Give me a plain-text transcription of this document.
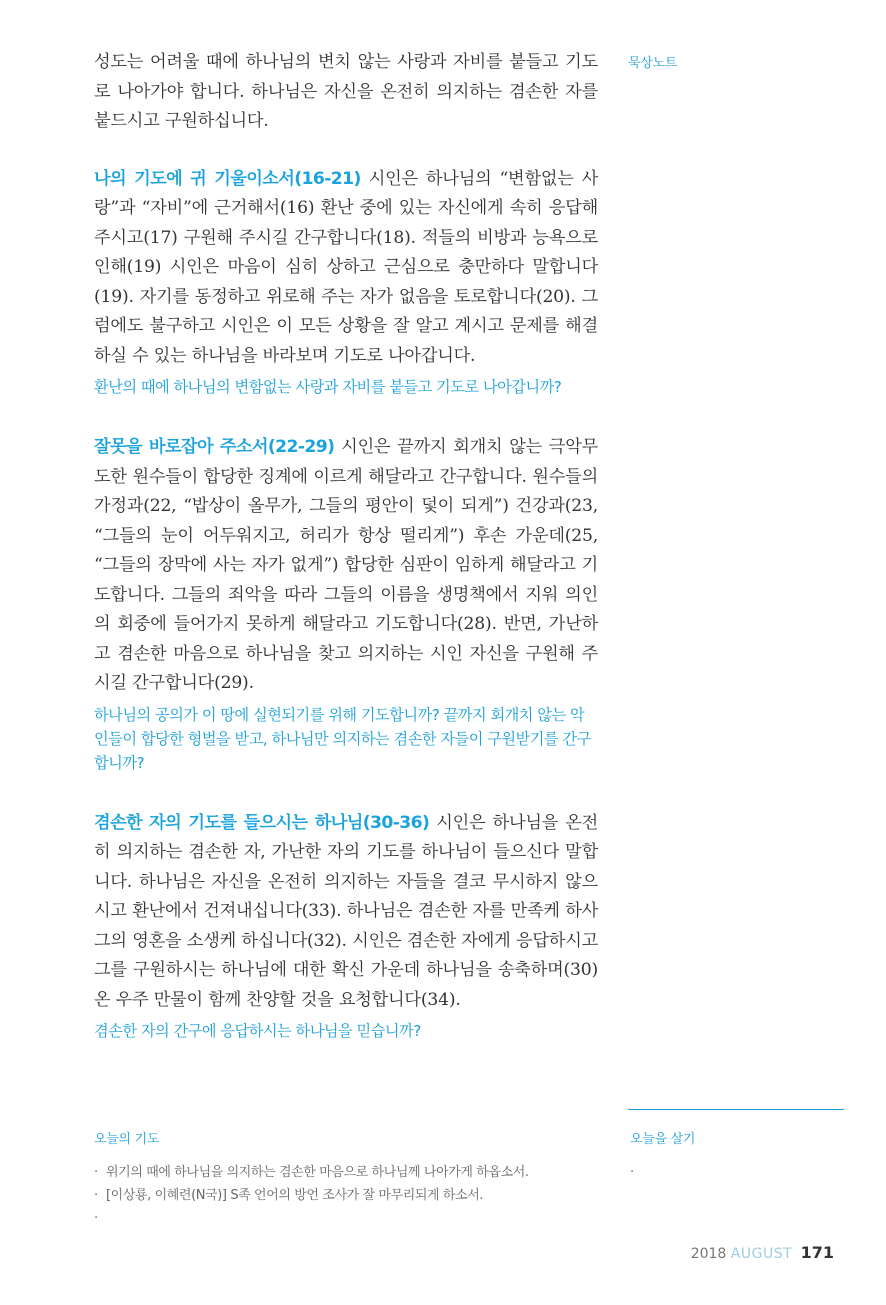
묵상노트

성도는 어려울 때에 하나님의 변치 않는 사랑과 자비를 붙들고 기도로 나아가야 합니다. 하나님은 자신을 온전히 의지하는 겸손한 자를 붙드시고 구원하십니다.

나의 기도에 귀 기울이소서(16-21) 시인은 하나님의 “변함없는 사랑”과 “자비”에 근거해서(16) 환난 중에 있는 자신에게 속히 응답해 주시고(17) 구원해 주시길 간구합니다(18). 적들의 비방과 능욕으로 인해(19) 시인은 마음이 심히 상하고 근심으로 충만하다 말합니다(19). 자기를 동정하고 위로해 주는 자가 없음을 토로합니다(20). 그럼에도 불구하고 시인은 이 모든 상황을 잘 알고 계시고 문제를 해결하실 수 있는 하나님을 바라보며 기도로 나아갑니다.

환난의 때에 하나님의 변함없는 사랑과 자비를 붙들고 기도로 나아갑니까?

잘못을 바로잡아 주소서(22-29) 시인은 끝까지 회개치 않는 극악무도한 원수들이 합당한 징계에 이르게 해달라고 간구합니다. 원수들의 가정과(22, “밥상이 올무가, 그들의 평안이 덫이 되게”) 건강과(23, “그들의 눈이 어두워지고, 허리가 항상 떨리게”) 후손 가운데(25, “그들의 장막에 사는 자가 없게”) 합당한 심판이 임하게 해달라고 기도합니다. 그들의 죄악을 따라 그들의 이름을 생명책에서 지워 의인의 회중에 들어가지 못하게 해달라고 기도합니다(28). 반면, 가난하고 겸손한 마음으로 하나님을 찾고 의지하는 시인 자신을 구원해 주시길 간구합니다(29).

하나님의 공의가 이 땅에 실현되기를 위해 기도합니까? 끝까지 회개치 않는 악인들이 합당한 형벌을 받고, 하나님만 의지하는 겸손한 자들이 구원받기를 간구합니까?

겸손한 자의 기도를 들으시는 하나님(30-36) 시인은 하나님을 온전히 의지하는 겸손한 자, 가난한 자의 기도를 하나님이 들으신다 말합니다. 하나님은 자신을 온전히 의지하는 자들을 결코 무시하지 않으시고 환난에서 건져내십니다(33). 하나님은 겸손한 자를 만족케 하사 그의 영혼을 소생케 하십니다(32). 시인은 겸손한 자에게 응답하시고 그를 구원하시는 하나님에 대한 확신 가운데 하나님을 송축하며(30) 온 우주 만물이 함께 찬양할 것을 요청합니다(34).

겸손한 자의 간구에 응답하시는 하나님을 믿습니까?

오늘의 기도
· 위기의 때에 하나님을 의지하는 겸손한 마음으로 하나님께 나아가게 하옵소서.
· [이상룡, 이혜련(N국)] S족 언어의 방언 조사가 잘 마무리되게 하소서.
·
오늘을 살기
·
2018 AUGUST 171
